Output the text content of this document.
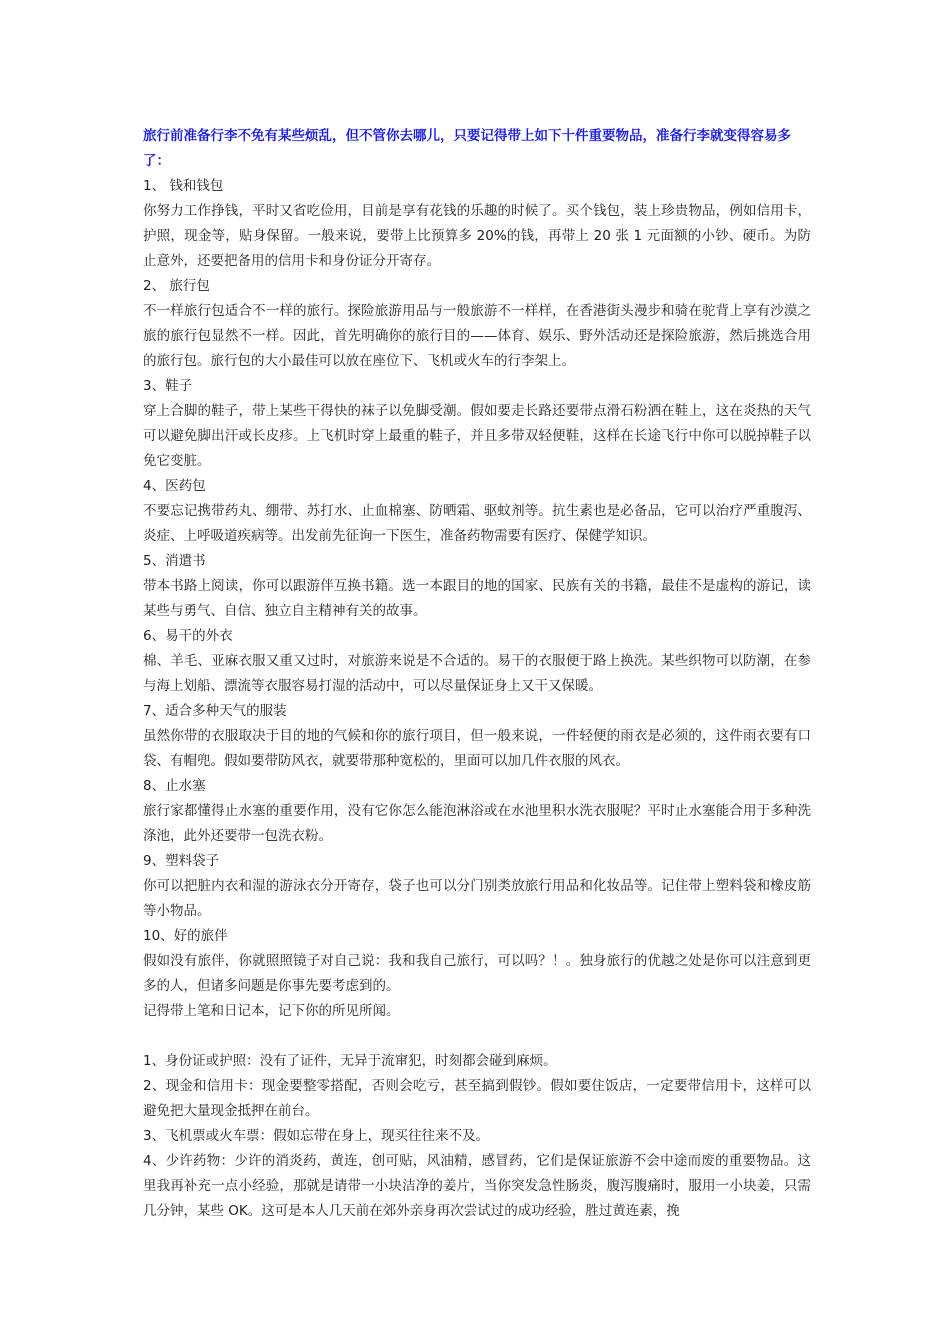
旅行前准备行李不免有某些烦乱，但不管你去哪儿，只要记得带上如下十件重要物品，准备行李就变得容易多了：

1、 钱和钱包

你努力工作挣钱，平时又省吃俭用，目前是享有花钱的乐趣的时候了。买个钱包，装上珍贵物品，例如信用卡，护照，现金等，贴身保留。一般来说，要带上比预算多 20%的钱，再带上 20 张 1 元面额的小钞、硬币。为防止意外，还要把备用的信用卡和身份证分开寄存。

2、 旅行包

不一样旅行包适合不一样的旅行。探险旅游用品与一般旅游不一样样，在香港街头漫步和骑在驼背上享有沙漠之旅的旅行包显然不一样。因此，首先明确你的旅行目的——体育、娱乐、野外活动还是探险旅游，然后挑选合用的旅行包。旅行包的大小最佳可以放在座位下、飞机或火车的行李架上。

3、鞋子

穿上合脚的鞋子，带上某些干得快的袜子以免脚受潮。假如要走长路还要带点滑石粉洒在鞋上，这在炎热的天气可以避免脚出汗或长皮疹。上飞机时穿上最重的鞋子，并且多带双轻便鞋，这样在长途飞行中你可以脱掉鞋子以免它变脏。

4、医药包

不要忘记携带药丸、绷带、苏打水、止血棉塞、防晒霜、驱蚊剂等。抗生素也是必备品，它可以治疗严重腹泻、炎症、上呼吸道疾病等。出发前先征询一下医生，准备药物需要有医疗、保健学知识。

5、消遣书

带本书路上阅读，你可以跟游伴互换书籍。选一本跟目的地的国家、民族有关的书籍，最佳不是虚构的游记，读某些与勇气、自信、独立自主精神有关的故事。

6、易干的外衣

棉、羊毛、亚麻衣服又重又过时，对旅游来说是不合适的。易干的衣服便于路上换洗。某些织物可以防潮，在参与海上划船、漂流等衣服容易打湿的活动中，可以尽量保证身上又干又保暖。

7、适合多种天气的服装

虽然你带的衣服取决于目的地的气候和你的旅行项目，但一般来说，一件轻便的雨衣是必须的，这件雨衣要有口袋、有帽兜。假如要带防风衣，就要带那种宽松的，里面可以加几件衣服的风衣。

8、止水塞

旅行家都懂得止水塞的重要作用，没有它你怎么能泡淋浴或在水池里积水洗衣服呢？平时止水塞能合用于多种洗涤池，此外还要带一包洗衣粉。

9、塑料袋子

你可以把脏内衣和湿的游泳衣分开寄存，袋子也可以分门别类放旅行用品和化妆品等。记住带上塑料袋和橡皮筋等小物品。

10、好的旅伴

假如没有旅伴，你就照照镜子对自己说：我和我自己旅行，可以吗？！。独身旅行的优越之处是你可以注意到更多的人，但诸多问题是你事先要考虑到的。

记得带上笔和日记本，记下你的所见所闻。

1、身份证或护照：没有了证件，无异于流窜犯，时刻都会碰到麻烦。

2、现金和信用卡：现金要整零搭配，否则会吃亏，甚至搞到假钞。假如要住饭店，一定要带信用卡，这样可以避免把大量现金抵押在前台。

3、飞机票或火车票：假如忘带在身上，现买往往来不及。

4、少许药物：少许的消炎药，黄连，创可贴，风油精，感冒药，它们是保证旅游不会中途而废的重要物品。这里我再补充一点小经验，那就是请带一小块洁净的姜片，当你突发急性肠炎，腹泻腹痛时，服用一小块姜，只需几分钟，某些 OK。这可是本人几天前在郊外亲身再次尝试过的成功经验，胜过黄连素，挽
